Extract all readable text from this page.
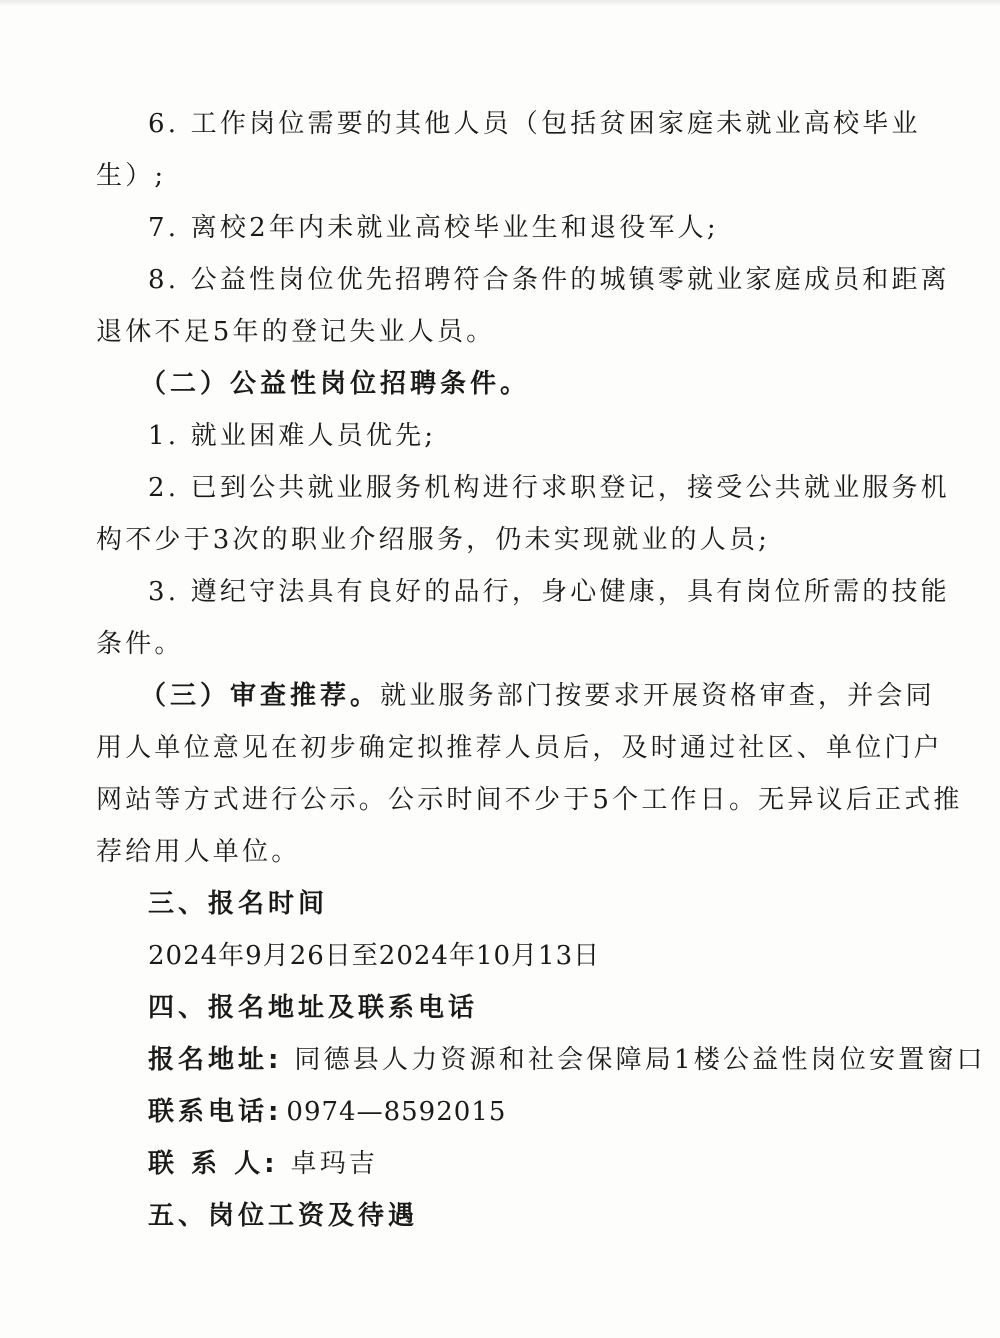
6. 工作岗位需要的其他人员（包括贫困家庭未就业高校毕业
生）;
7. 离校2年内未就业高校毕业生和退役军人;
8. 公益性岗位优先招聘符合条件的城镇零就业家庭成员和距离
退休不足5年的登记失业人员。
（二）公益性岗位招聘条件。
1. 就业困难人员优先;
2. 已到公共就业服务机构进行求职登记，接受公共就业服务机
构不少于3次的职业介绍服务，仍未实现就业的人员;
3. 遵纪守法具有良好的品行，身心健康，具有岗位所需的技能
条件。
（三）审查推荐。就业服务部门按要求开展资格审查，并会同
用人单位意见在初步确定拟推荐人员后，及时通过社区、单位门户
网站等方式进行公示。公示时间不少于5个工作日。无异议后正式推
荐给用人单位。
三、报名时间
2024年9月26日至2024年10月13日
四、报名地址及联系电话
报名地址: 同德县人力资源和社会保障局1楼公益性岗位安置窗口
联系电话: 0974—8592015
联 系 人: 卓玛吉
五、岗位工资及待遇
